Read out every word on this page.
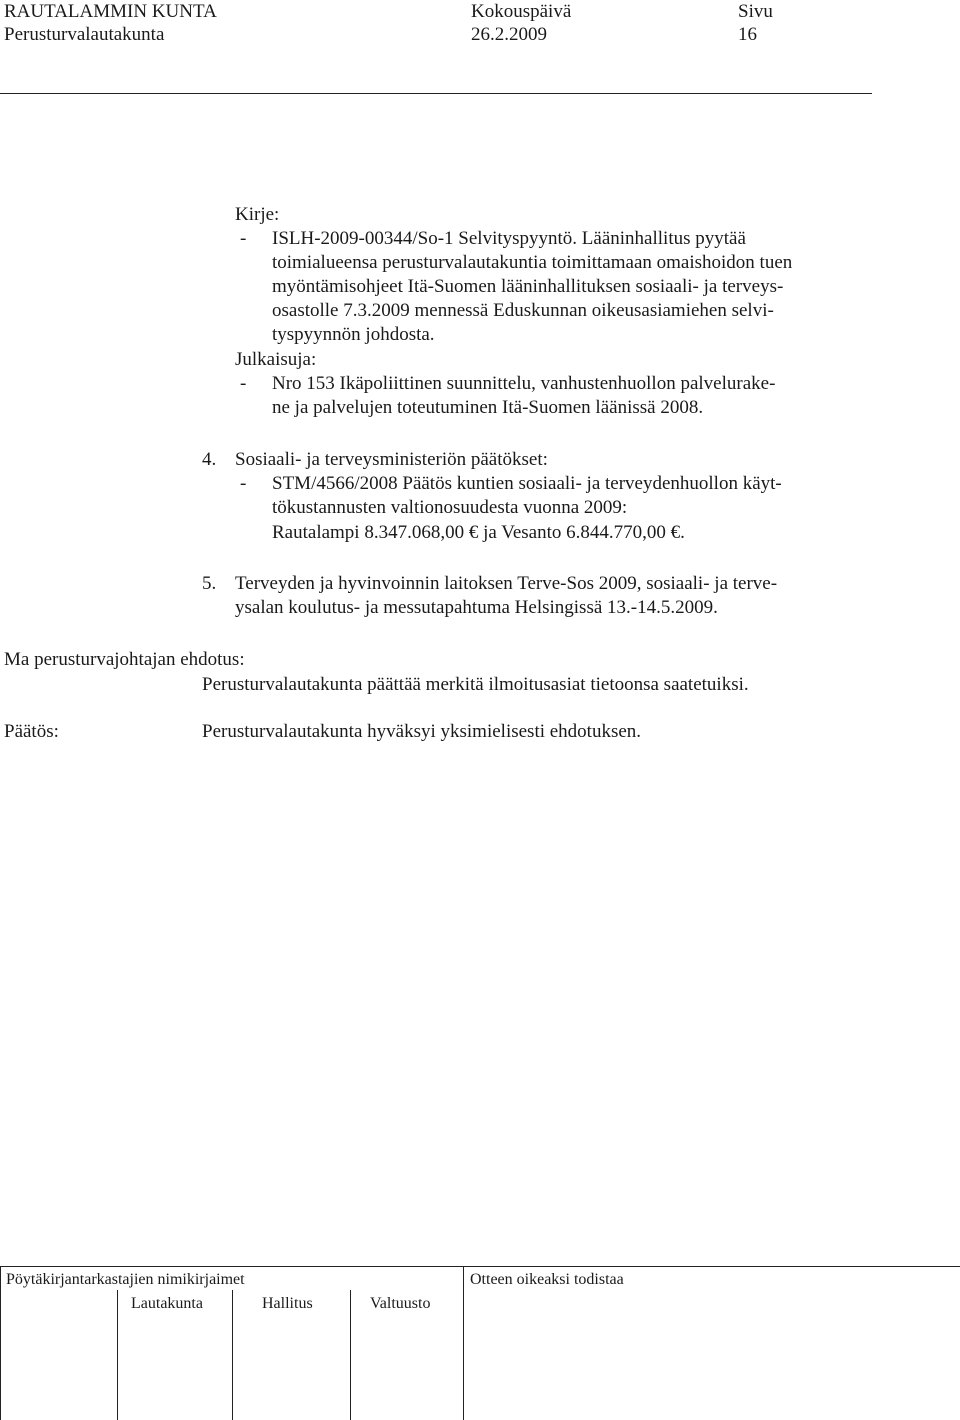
RAUTALAMMIN KUNTA	Kokouspäivä	Sivu
Perusturvalautakunta	26.2.2009	16
Kirje:
- ISLH-2009-00344/So-1 Selvityspyyntö. Lääninhallitus pyytää
toimialueensa perusturvalautakuntia toimittamaan omaishoidon tuen
myöntämisohjeet Itä-Suomen lääninhallituksen sosiaali- ja terveys-
osastolle 7.3.2009 mennessä Eduskunnan oikeusasiamiehen selvi-
tyspyynnön johdosta.
Julkaisuja:
- Nro 153 Ikäpoliittinen suunnittelu, vanhustenhuollon palvelurake-
ne ja palvelujen toteutuminen Itä-Suomen läänissä 2008.
4. Sosiaali- ja terveysministeriön päätökset:
- STM/4566/2008 Päätös kuntien sosiaali- ja terveydenhuollon käyt-
tökustannusten valtionosuudesta vuonna 2009:
Rautalampi 8.347.068,00 € ja Vesanto 6.844.770,00 €.
5. Terveyden ja hyvinvoinnin laitoksen Terve-Sos 2009, sosiaali- ja terve-
ysalan koulutus- ja messutapahtuma Helsingissä 13.-14.5.2009.
Ma perusturvajohtajan ehdotus:
Perusturvalautakunta päättää merkitä ilmoitusasiat tietoonsa saatetuiksi.
Päätös:	Perusturvalautakunta hyväksyi yksimielisesti ehdotuksen.
Pöytäkirjantarkastajien nimikirjaimet	Otteen oikeaksi todistaa
Lautakunta	Hallitus	Valtuusto
